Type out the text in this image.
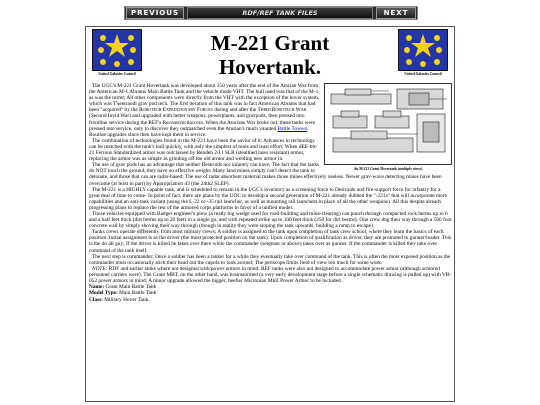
PREVIOUS	RDF/REF TANK FILES	NEXT
United Galaxies Council
M-221 Grant
Hovertank.	United Galaxies Council
An M-221 Grant Hovertank (multiple views)

The UGC's M-221 Grant Hovertank was developed about 150 years after the end of the Atorian War from the American M-1 Abrams Main Battle Tank and the vehicle mode VHT. The hull used was that of the M-1, as was the turret; All other components were directly from the VHT with the exception of the hover system, which was T'sentraodi grav pod tech. The first iteration of this tank was in fact American Abrams that had been "acquired" by the Robotech Expeditionary Forces during and after the Third Robotech War (Second Invid War) and upgraded with better weapons, powerplants, and gravpods, then pressed into frontline service during the REF's Reconstruction era. When the Atorians War broke out, these tanks were pressed into service, only to discover they outmatched even the Atorian's much vaunted Battle Towers. Routine upgrades since then have kept them in service.

The combination of technologies found in the M-221 have been the savior of it; Advances in technology can be matched with the tank's hull quickly, with only the simplest of tools and least effort; When dEE-btt-21 Ferrous Standardized armor was outclassed by Rendeh 2/11 SLR (stealthed laser resistant) armor, replacing the armor was as simple as grinding off the old armor and welding new armor in.

The use of grav pods has an advantage that neither Destroids nor infantry can have; The fact that the tanks do NOT touch the ground, they have no effective weight; Many land mines simply can't detect the tank to detonate, and those that can are radar-based; The use of radar absorbent material makes those mines effectively useless. Newer grav-wave detecting mines have been overcome (at least in part) by Appropriation 43 (the 24th2 SLEP).

The M-221 is a HIGHLY capable tank, and is scheduled to remain in the UGC's inventory as a screening force to Destroids and fire-support force for infantry for a great deal of time to come- In point of fact, there are plans by the UOC to develop a second generation of M-221 already dubbed the "-221a" that will incorporate more capabilities and an anti-tank variant (using the L-22 or -35 rail launcher, as well as mounting rail launchers in place of all the other weapons). All this despite already progressing plans to replace the rest of the armored corps platforms in favor of a unified model.

Those vehicles equipped with Badger engineer's plow (a really big wedge used for road-building and mine-clearing) can punch through compacted rock berms up to 6 and a half feet thick (dirt berms up to 20 feet) in a single go, and with repeated strike up to 100 feet thick (250 for dirt berms). One crew dug their way through a 500 foot concrete wall by simply shoving their way through (though in reality they were sloping the tank upwards, building a ramp to escape).

Tanks crews operate differently from most military crews; A soldier is assigned to the tank upon completion of tank crew school, where they learn the basics of each position. Initial assignment is as the driver (the most protected position on the tank). Upon completion of qualification as driver, they are promoted to gunner/loader. This is the do all guy; If the driver is killed he takes over there while the commander (sergeant or above) takes over as gunner. If the commander is killed they take over command of the tank itself.

The next step is commander; Once a soldier has been a tanker for a while they eventually take over command of the tank. This is often the most exposed position as the commander must occasionally stick their head out the cupola to look around; The periscope limits field of view too much for some work.

NOTE: RDF and earlier tanks where not designed with power armors in mind; REF tanks were also not designed to accommodate power armor (although armored personnel carriers were). The Grant MBT, on the other hand, was brainstormed (a very early development stage before a single schematic drawing is pulled up) with VR-052 power armors in mind; A minor upgrade allowed the bigger, beefier Micronian MkII Power Armor to be included.

Name: Grant Main Battle Tank
Model Type: Main Battle Tank
Class: Military Hover Tank.
